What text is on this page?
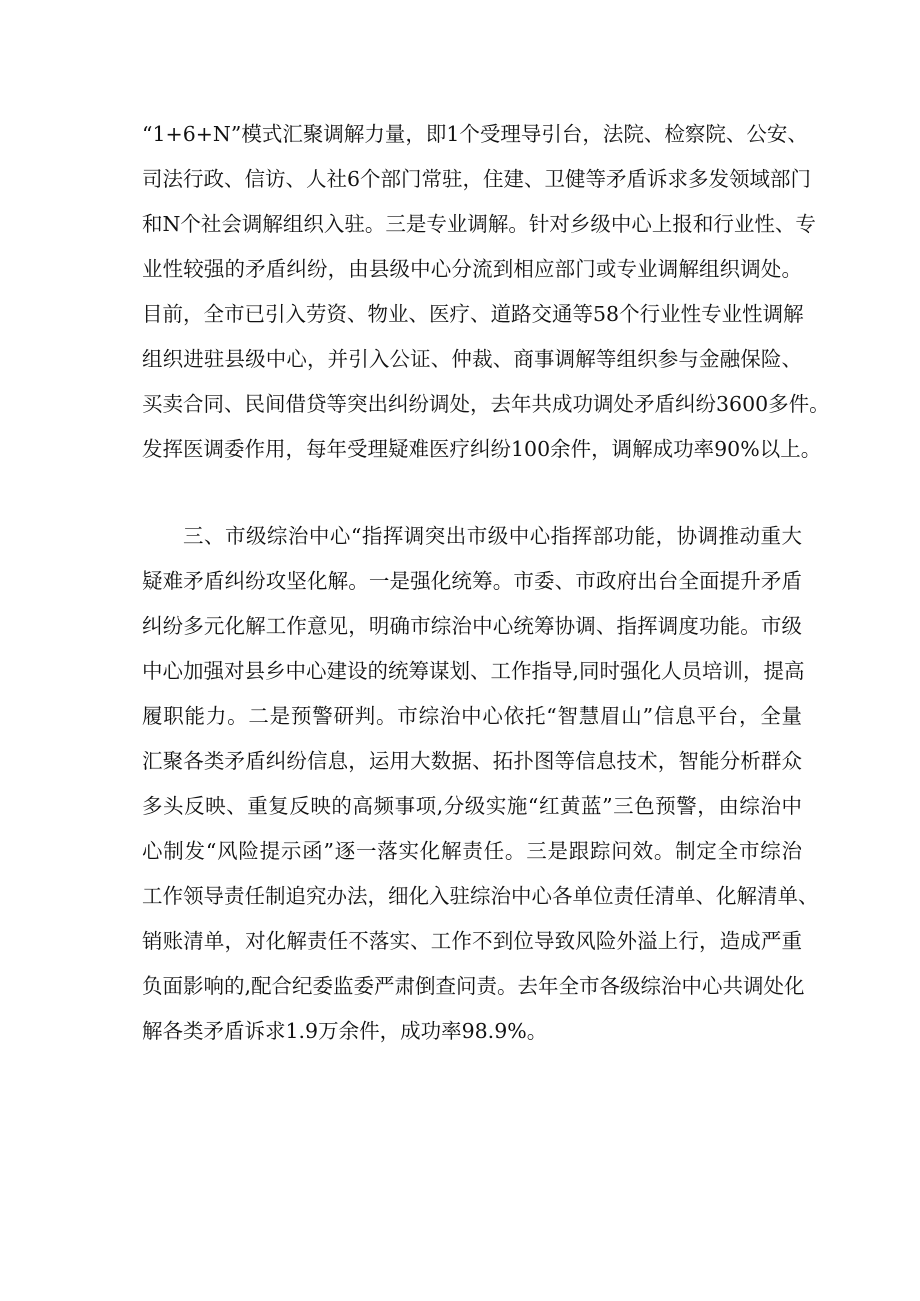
“1+6+N”模式汇聚调解力量，即1个受理导引台，法院、检察院、公安、
司法行政、信访、人社6个部门常驻，住建、卫健等矛盾诉求多发领域部门
和N个社会调解组织入驻。三是专业调解。针对乡级中心上报和行业性、专
业性较强的矛盾纠纷，由县级中心分流到相应部门或专业调解组织调处。
目前，全市已引入劳资、物业、医疗、道路交通等58个行业性专业性调解
组织进驻县级中心，并引入公证、仲裁、商事调解等组织参与金融保险、
买卖合同、民间借贷等突出纠纷调处，去年共成功调处矛盾纠纷3600多件。
发挥医调委作用，每年受理疑难医疗纠纷100余件，调解成功率90%以上。
三、市级综治中心“指挥调突出市级中心指挥部功能，协调推动重大
疑难矛盾纠纷攻坚化解。一是强化统筹。市委、市政府出台全面提升矛盾
纠纷多元化解工作意见，明确市综治中心统筹协调、指挥调度功能。市级
中心加强对县乡中心建设的统筹谋划、工作指导,同时强化人员培训，提高
履职能力。二是预警研判。市综治中心依托“智慧眉山”信息平台，全量
汇聚各类矛盾纠纷信息，运用大数据、拓扑图等信息技术，智能分析群众
多头反映、重复反映的高频事项,分级实施“红黄蓝”三色预警，由综治中
心制发“风险提示函”逐一落实化解责任。三是跟踪问效。制定全市综治
工作领导责任制追究办法，细化入驻综治中心各单位责任清单、化解清单、
销账清单，对化解责任不落实、工作不到位导致风险外溢上行，造成严重
负面影响的,配合纪委监委严肃倒查问责。去年全市各级综治中心共调处化
解各类矛盾诉求1.9万余件，成功率98.9%。
